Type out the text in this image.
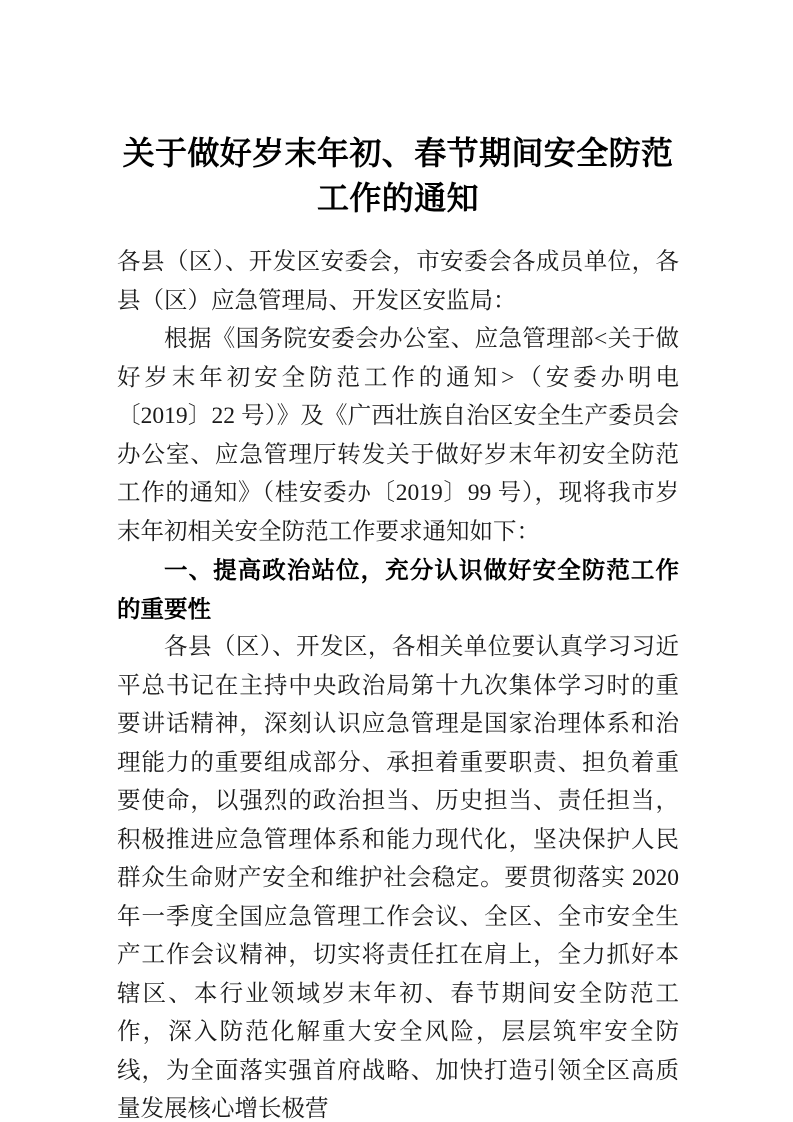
关于做好岁末年初、春节期间安全防范工作的通知

各县（区）、开发区安委会，市安委会各成员单位，各县（区）应急管理局、开发区安监局：

根据《国务院安委会办公室、应急管理部<关于做好岁末年初安全防范工作的通知>（安委办明电〔2019〕22 号）》及《广西壮族自治区安全生产委员会办公室、应急管理厅转发关于做好岁末年初安全防范工作的通知》（桂安委办〔2019〕99 号），现将我市岁末年初相关安全防范工作要求通知如下：

一、提高政治站位，充分认识做好安全防范工作的重要性

各县（区）、开发区，各相关单位要认真学习习近平总书记在主持中央政治局第十九次集体学习时的重要讲话精神，深刻认识应急管理是国家治理体系和治理能力的重要组成部分、承担着重要职责、担负着重要使命，以强烈的政治担当、历史担当、责任担当，积极推进应急管理体系和能力现代化，坚决保护人民群众生命财产安全和维护社会稳定。要贯彻落实 2020 年一季度全国应急管理工作会议、全区、全市安全生产工作会议精神，切实将责任扛在肩上，全力抓好本辖区、本行业领域岁末年初、春节期间安全防范工作，深入防范化解重大安全风险，层层筑牢安全防线，为全面落实强首府战略、加快打造引领全区高质量发展核心增长极营
